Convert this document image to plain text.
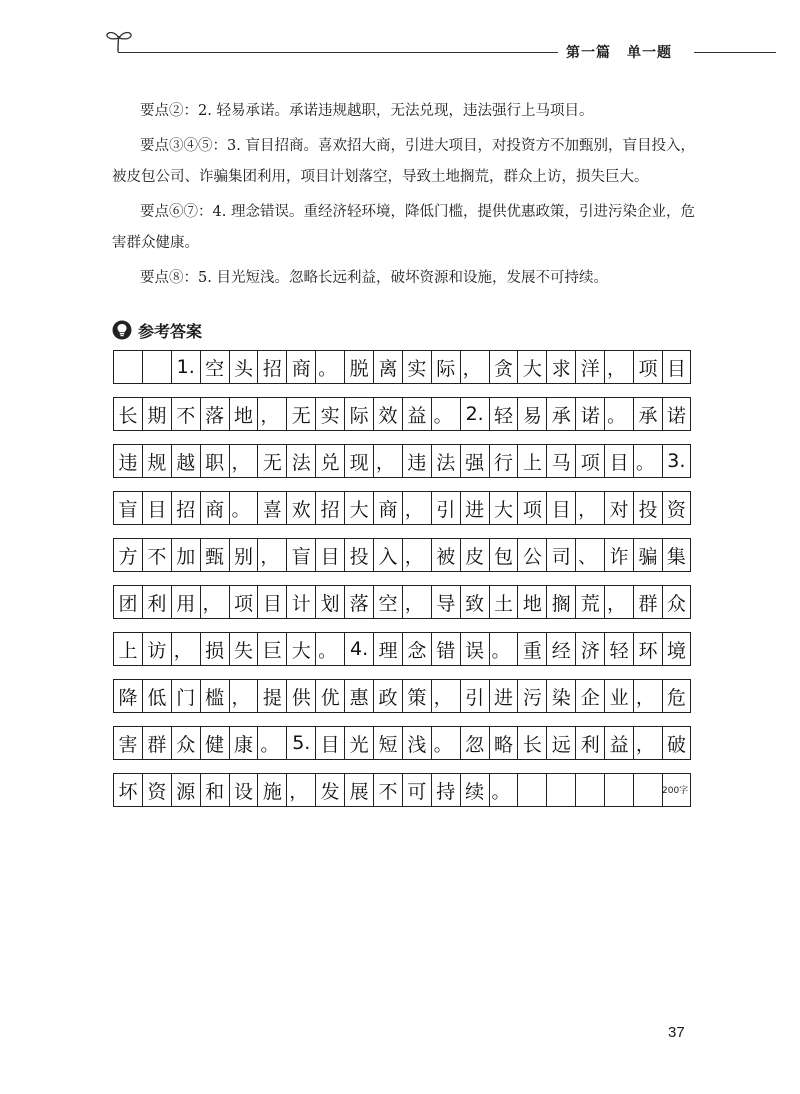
第一篇 单一题

要点②：2. 轻易承诺。承诺违规越职，无法兑现，违法强行上马项目。

要点③④⑤：3. 盲目招商。喜欢招大商，引进大项目，对投资方不加甄别，盲目投入，被皮包公司、诈骗集团利用，项目计划落空，导致土地搁荒，群众上访，损失巨大。

要点⑥⑦：4. 理念错误。重经济轻环境，降低门槛，提供优惠政策，引进污染企业，危害群众健康。

要点⑧：5. 目光短浅。忽略长远利益，破坏资源和设施，发展不可持续。

参考答案
1. 空 头 招 商 。 脱 离 实 际 ， 贪 大 求 洋 ， 项 目
长 期 不 落 地 ， 无 实 际 效 益 。 2. 轻 易 承 诺 。 承 诺
违 规 越 职 ， 无 法 兑 现 ， 违 法 强 行 上 马 项 目 。 3.
盲 目 招 商 。 喜 欢 招 大 商 ， 引 进 大 项 目 ， 对 投 资
方 不 加 甄 别 ， 盲 目 投 入 ， 被 皮 包 公 司 、 诈 骗 集
团 利 用 ， 项 目 计 划 落 空 ， 导 致 土 地 搁 荒 ， 群 众
上 访 ， 损 失 巨 大 。 4. 理 念 错 误 。 重 经 济 轻 环 境
降 低 门 槛 ， 提 供 优 惠 政 策 ， 引 进 污 染 企 业 ， 危
害 群 众 健 康 。 5. 目 光 短 浅 。 忽 略 长 远 利 益 ， 破
坏 资 源 和 设 施 ， 发 展 不 可 持 续 。	200字
37
